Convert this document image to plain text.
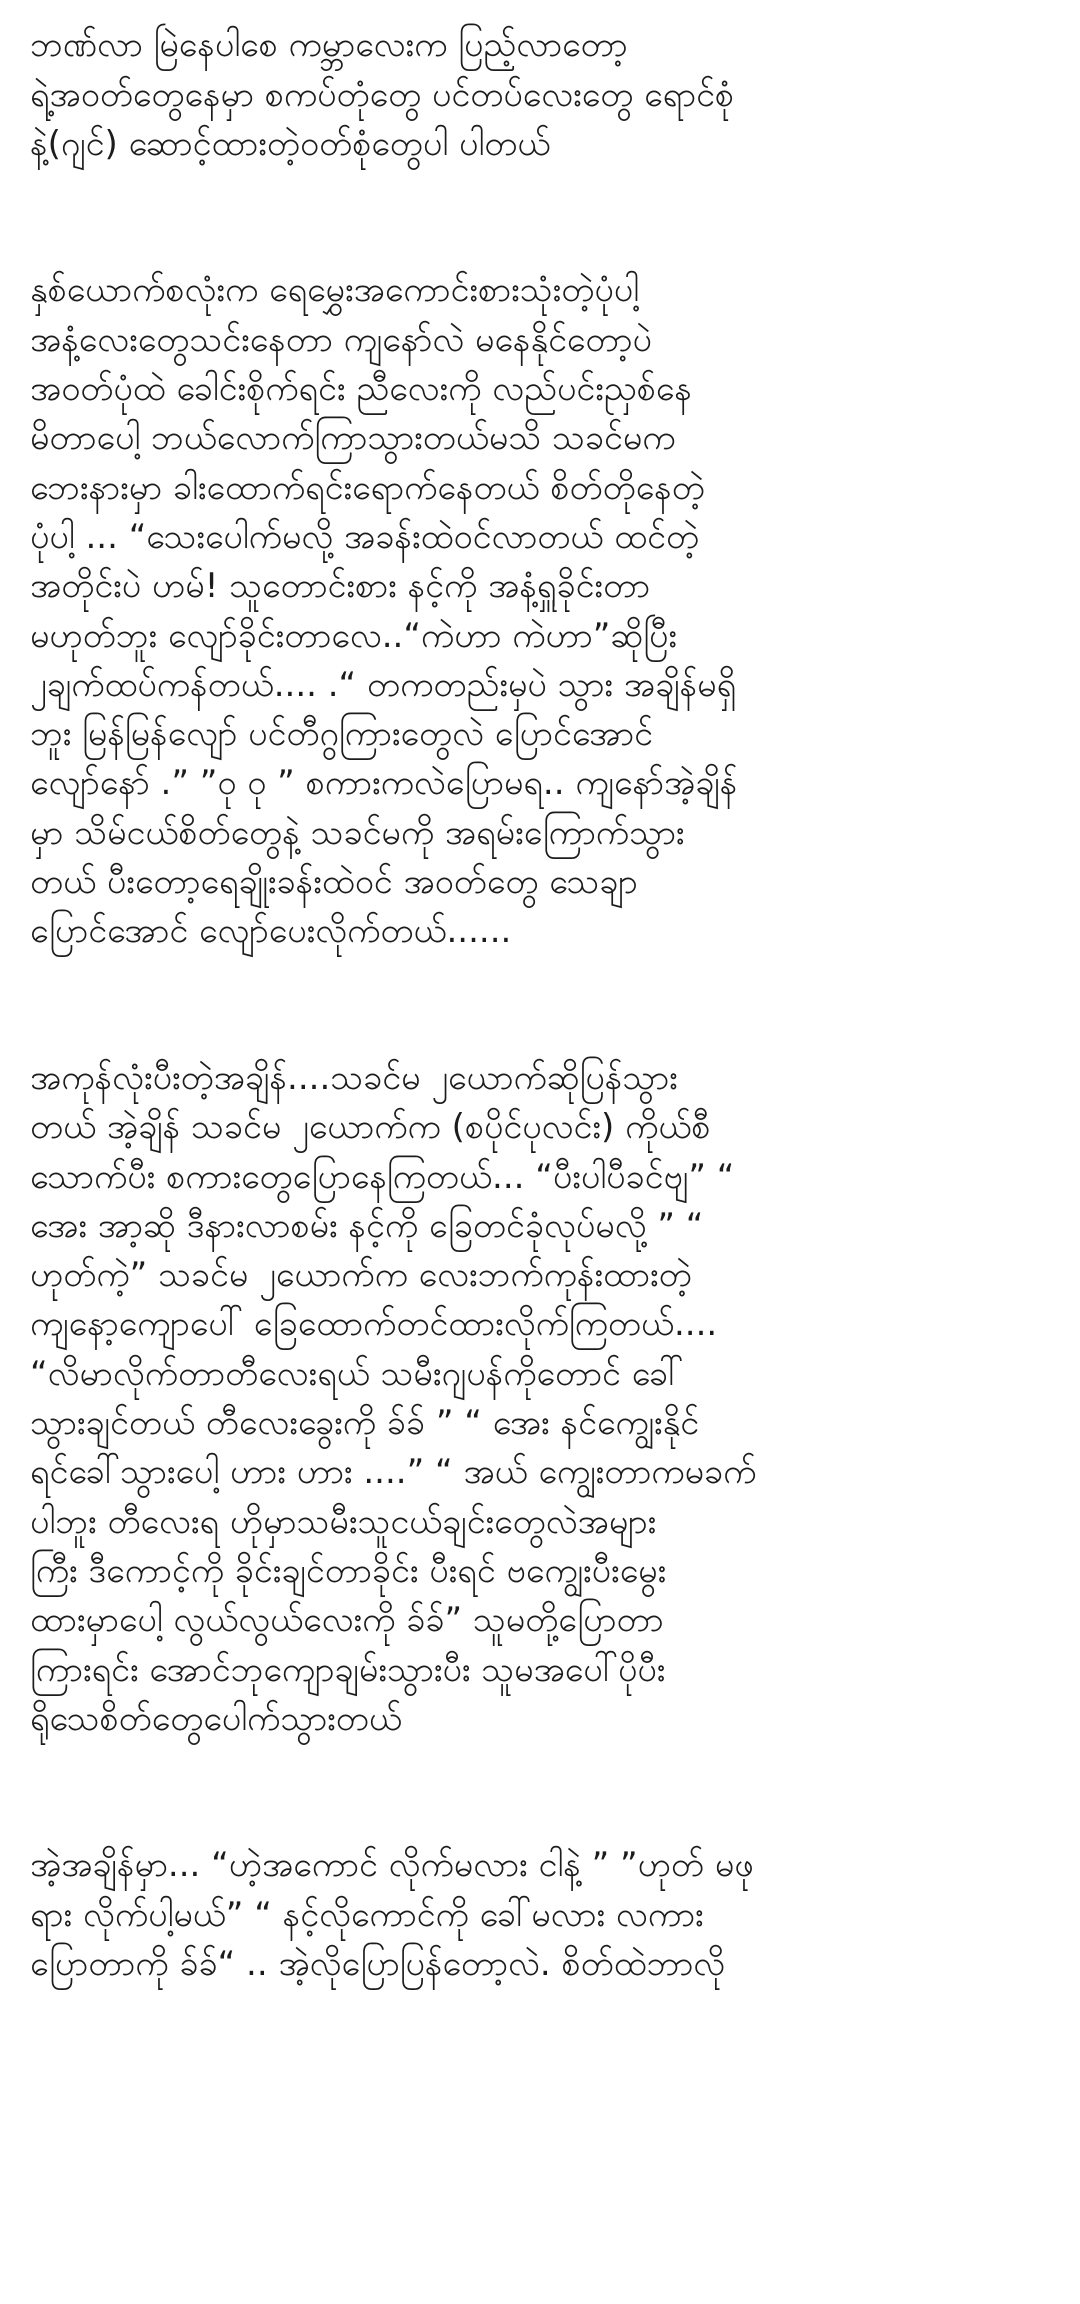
ဘဏ်လာ မြဲနေပါစေ ကမ္ဘာလေးက ပြည့်လာတော့
ရဲ့အဝတ်တွေနေမှာ စကပ်တုံတွေ ပင်တပ်လေးတွေ ရောင်စုံ
နဲ့(ဂျင်) ဆောင့်ထားတဲ့ဝတ်စုံတွေပါ ပါတယ်

နှစ်ယောက်စလုံးက ရေမွှေးအကောင်းစားသုံးတဲ့ပုံပါ့
အနံ့လေးတွေသင်းနေတာ ကျနော်လဲ မနေနိုင်တော့ပဲ
အဝတ်ပုံထဲ ခေါင်းစိုက်ရင်း ညီလေးကို လည်ပင်းညှစ်နေ
မိတာပေါ့ ဘယ်လောက်ကြာသွားတယ်မသိ သခင်မက
ဘေးနားမှာ ခါးထောက်ရင်းရောက်နေတယ် စိတ်တိုနေတဲ့
ပုံပါ့ ... “သေးပေါက်မလို့ အခန်းထဲဝင်လာတယ် ထင်တဲ့
အတိုင်းပဲ ဟမ်! သူတောင်းစား နင့်ကို အနံ့ရှူခိုင်းတာ
မဟုတ်ဘူး လျော်ခိုင်းတာလေ..“ကဲဟာ ကဲဟာ”ဆိုပြီး
၂ချက်ထပ်ကန်တယ်.... .“ တကတည်းမှပဲ သွား အချိန်မရှိ
ဘူး မြန်မြန်လျော် ပင်တီဂွကြားတွေလဲ ပြောင်အောင်
လျော်နော် .” ”ဝု ဝု ” စကားကလဲပြောမရ.. ကျနော်အဲ့ချိန်
မှာ သိမ်ငယ်စိတ်တွေနဲ့ သခင်မကို အရမ်းကြောက်သွား
တယ် ပီးတော့ရေချိုးခန်းထဲဝင် အဝတ်တွေ သေချာ
ပြောင်အောင် လျော်ပေးလိုက်တယ်......

အကုန်လုံးပီးတဲ့အချိန်....သခင်မ ၂ယောက်ဆိုပြန်သွား
တယ် အဲ့ချိန် သခင်မ ၂ယောက်က (စပိုင်ပုလင်း) ကိုယ်စီ
သောက်ပီး စကားတွေပြောနေကြတယ်... “ပီးပါပီခင်ဗျ” “
အေး အာ့ဆို ဒီနားလာစမ်း နင့်ကို ခြေတင်ခုံလုပ်မလို့ ” “
ဟုတ်ကဲ့” သခင်မ ၂ယောက်က လေးဘက်ကုန်းထားတဲ့
ကျနော့ကျောပေါ် ခြေထောက်တင်ထားလိုက်ကြတယ်....
“လိမာလိုက်တာတီလေးရယ် သမီးဂျပန်ကိုတောင် ခေါ်
သွားချင်တယ် တီလေးခွေးကို ခ်ခ် ” “ အေး နင်ကျွေးနိုင်
ရင်ခေါ်သွားပေါ့ ဟား ဟား ....” “ အယ် ကျွေးတာကမခက်
ပါဘူး တီလေးရ ဟိုမှာသမီးသူငယ်ချင်းတွေလဲအများ
ကြီး ဒီကောင့်ကို ခိုင်းချင်တာခိုင်း ပီးရင် ဗကျွေးပီးမွေး
ထားမှာပေါ့ လွယ်လွယ်လေးကို ခ်ခ်” သူမတို့ပြောတာ
ကြားရင်း အောင်ဘုကျောချမ်းသွားပီး သူမအပေါ်ပိုပီး
ရိုသေစိတ်တွေပေါက်သွားတယ်

အဲ့အချိန်မှာ... “ဟဲ့အကောင် လိုက်မလား ငါနဲ့ ” ”ဟုတ် မဖု
ရား လိုက်ပါ့မယ်” “ နင့်လိုကောင်ကို ခေါ်မလား လကား
ပြောတာကို ခ်ခ်“ .. အဲ့လိုပြောပြန်တော့လဲ. စိတ်ထဲဘာလို
